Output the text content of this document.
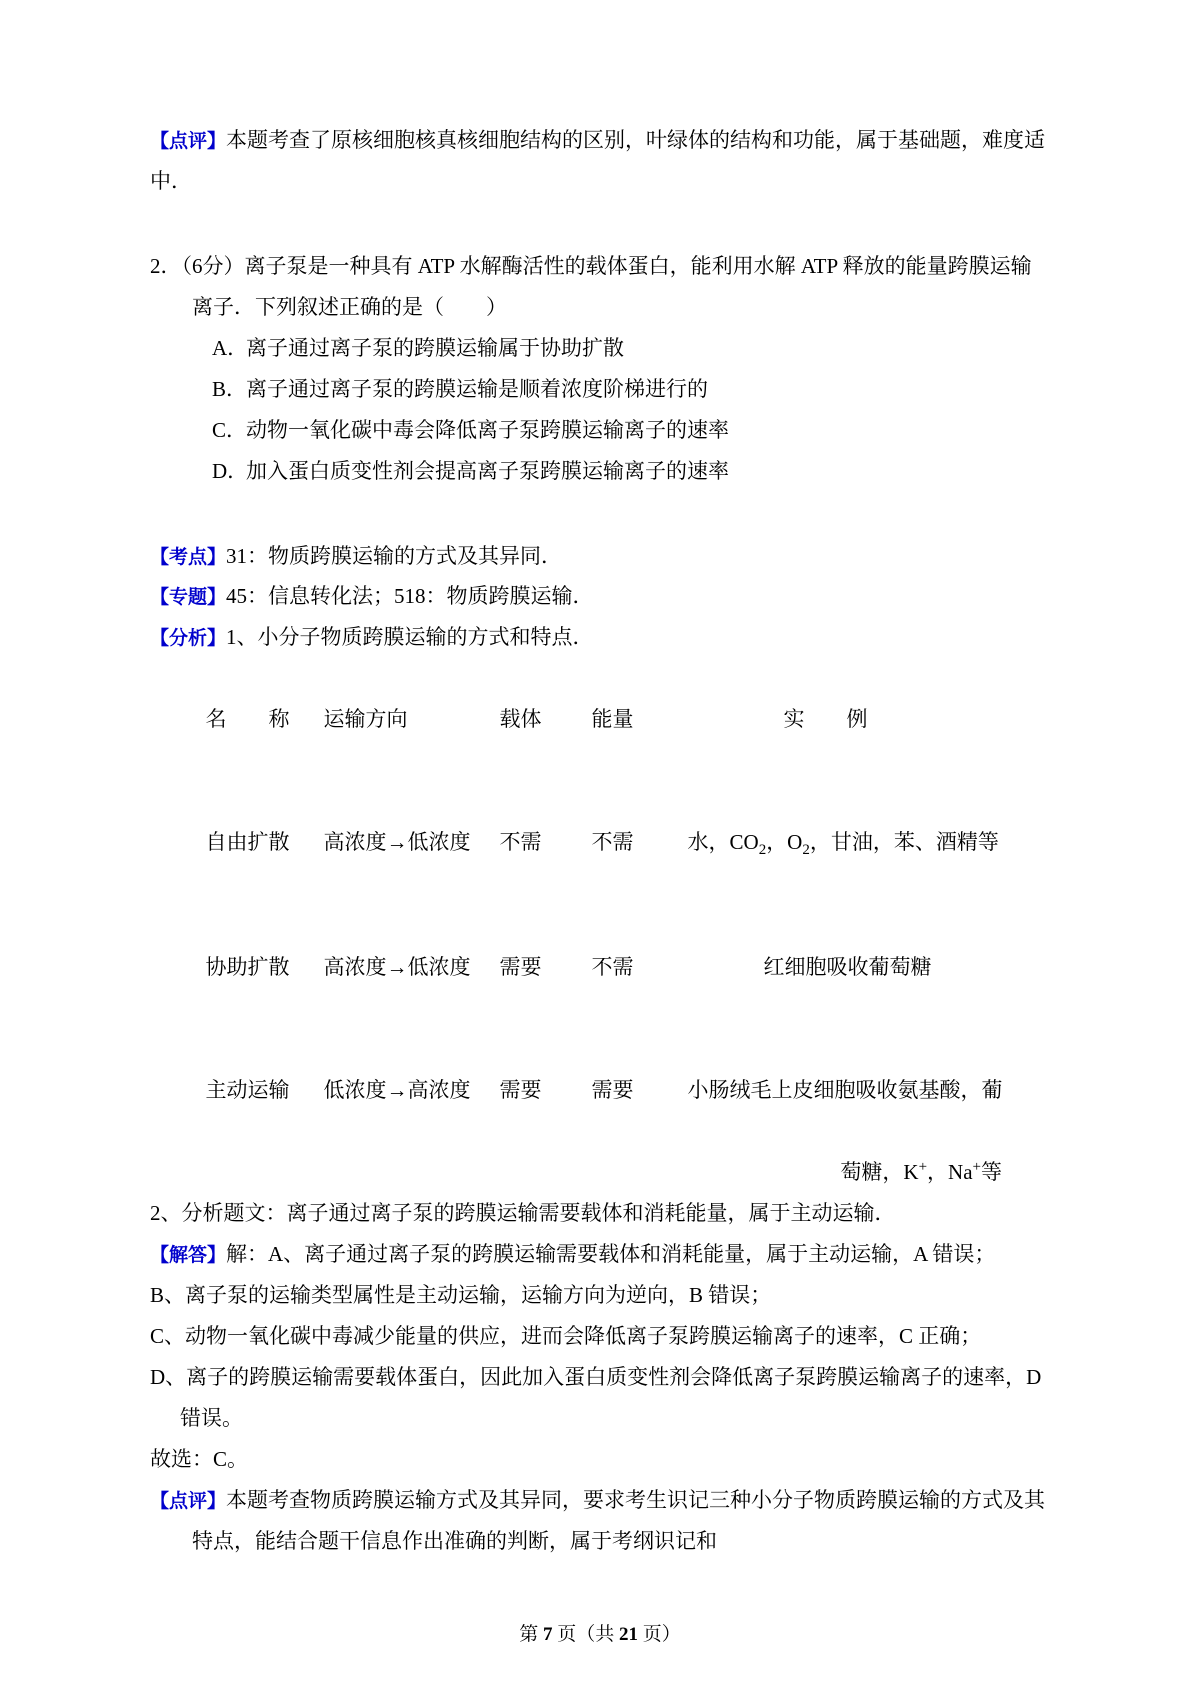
【点评】本题考查了原核细胞核真核细胞结构的区别，叶绿体的结构和功能，属于基础题，难度适中．
2．（6分）离子泵是一种具有 ATP 水解酶活性的载体蛋白，能利用水解 ATP 释放的能量跨膜运输离子．下列叙述正确的是（　　）
A．离子通过离子泵的跨膜运输属于协助扩散
B．离子通过离子泵的跨膜运输是顺着浓度阶梯进行的
C．动物一氧化碳中毒会降低离子泵跨膜运输离子的速率
D．加入蛋白质变性剂会提高离子泵跨膜运输离子的速率
【考点】31：物质跨膜运输的方式及其异同．
【专题】45：信息转化法；518：物质跨膜运输．
【分析】1、小分子物质跨膜运输的方式和特点．

名　　称 运输方向	载体 能量	实　　例

自由扩散 高浓度→低浓度 不需 不需	水，$CO_2$，$O_2$，甘油，苯、酒精等

协助扩散 高浓度→低浓度 需要 不需	红细胞吸收葡萄糖

主动运输 低浓度→高浓度 需要 需要	小肠绒毛上皮细胞吸收氨基酸，葡

萄糖，K+，Na+等
2、分析题文：离子通过离子泵的跨膜运输需要载体和消耗能量，属于主动运输．
【解答】解：A、离子通过离子泵的跨膜运输需要载体和消耗能量，属于主动运输，A 错误；
B、离子泵的运输类型属性是主动运输，运输方向为逆向，B 错误；
C、动物一氧化碳中毒减少能量的供应，进而会降低离子泵跨膜运输离子的速率，C 正确；
D、离子的跨膜运输需要载体蛋白，因此加入蛋白质变性剂会降低离子泵跨膜运输离子的速率，D 错误。
故选：C。
【点评】本题考查物质跨膜运输方式及其异同，要求考生识记三种小分子物质跨膜运输的方式及其特点，能结合题干信息作出准确的判断，属于考纲识记和
第 7 页（共 21 页）
